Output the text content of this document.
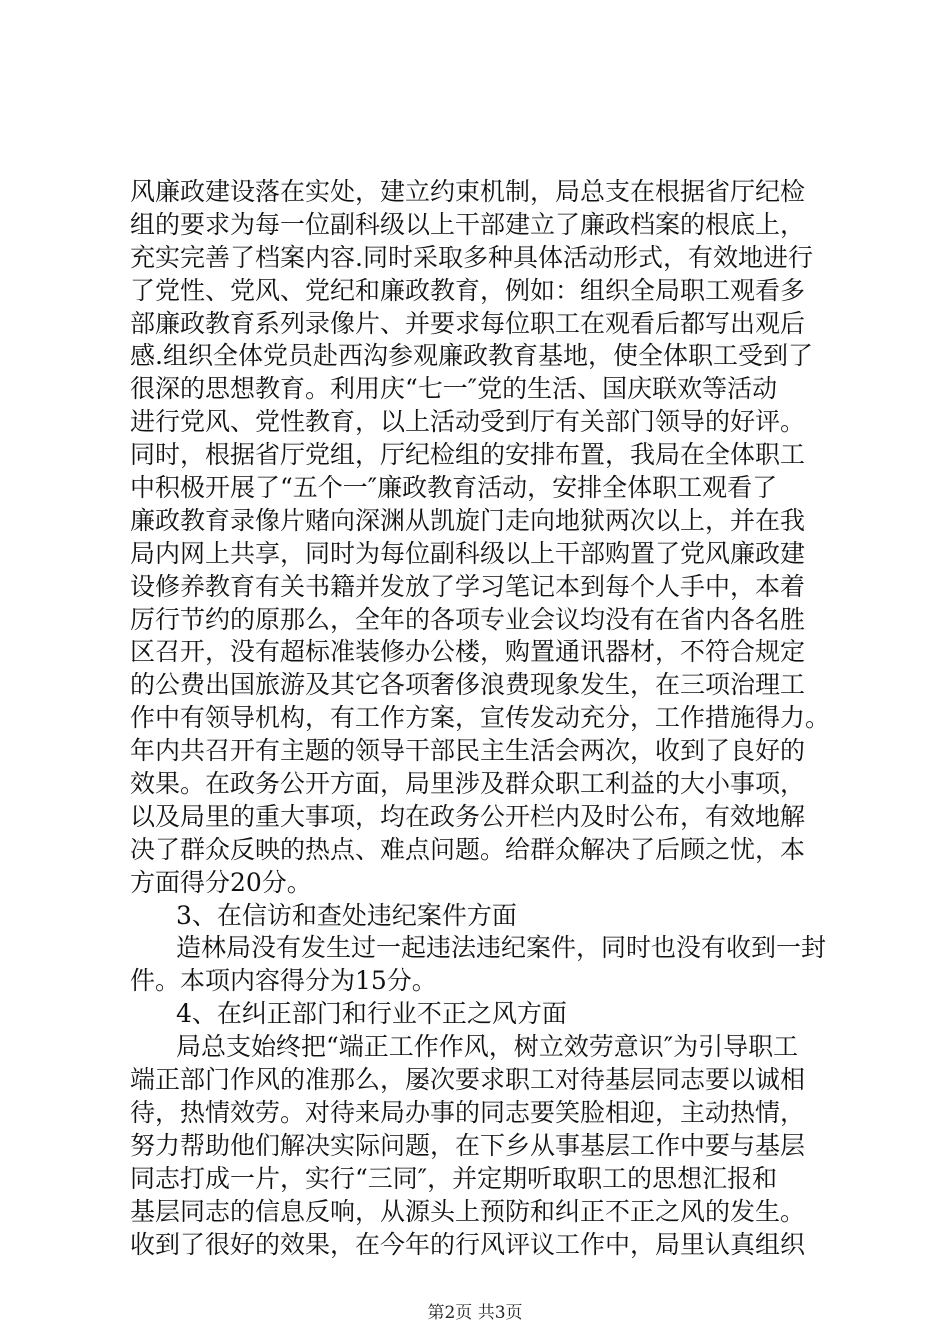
风廉政建设落在实处，建立约束机制，局总支在根据省厅纪检
组的要求为每一位副科级以上干部建立了廉政档案的根底上，
充实完善了档案内容.同时采取多种具体活动形式，有效地进行
了党性、党风、党纪和廉政教育，例如：组织全局职工观看多
部廉政教育系列录像片、并要求每位职工在观看后都写出观后
感.组织全体党员赴西沟参观廉政教育基地，使全体职工受到了
很深的思想教育。利用庆“七一″党的生活、国庆联欢等活动
进行党风、党性教育，以上活动受到厅有关部门领导的好评。
同时，根据省厅党组，厅纪检组的安排布置，我局在全体职工
中积极开展了“五个一″廉政教育活动，安排全体职工观看了
廉政教育录像片赌向深渊从凯旋门走向地狱两次以上，并在我
局内网上共享，同时为每位副科级以上干部购置了党风廉政建
设修养教育有关书籍并发放了学习笔记本到每个人手中，本着
厉行节约的原那么，全年的各项专业会议均没有在省内各名胜
区召开，没有超标准装修办公楼，购置通讯器材，不符合规定
的公费出国旅游及其它各项奢侈浪费现象发生，在三项治理工
作中有领导机构，有工作方案，宣传发动充分，工作措施得力。
年内共召开有主题的领导干部民主生活会两次，收到了良好的
效果。在政务公开方面，局里涉及群众职工利益的大小事项，
以及局里的重大事项，均在政务公开栏内及时公布，有效地解
决了群众反映的热点、难点问题。给群众解决了后顾之忧，本
方面得分20分。
3、在信访和查处违纪案件方面
造林局没有发生过一起违法违纪案件，同时也没有收到一封
件。本项内容得分为15分。
4、在纠正部门和行业不正之风方面
局总支始终把“端正工作作风，树立效劳意识″为引导职工
端正部门作风的准那么，屡次要求职工对待基层同志要以诚相
待，热情效劳。对待来局办事的同志要笑脸相迎，主动热情，
努力帮助他们解决实际问题，在下乡从事基层工作中要与基层
同志打成一片，实行“三同″，并定期听取职工的思想汇报和
基层同志的信息反响，从源头上预防和纠正不正之风的发生。
收到了很好的效果，在今年的行风评议工作中，局里认真组织
第2页 共3页
